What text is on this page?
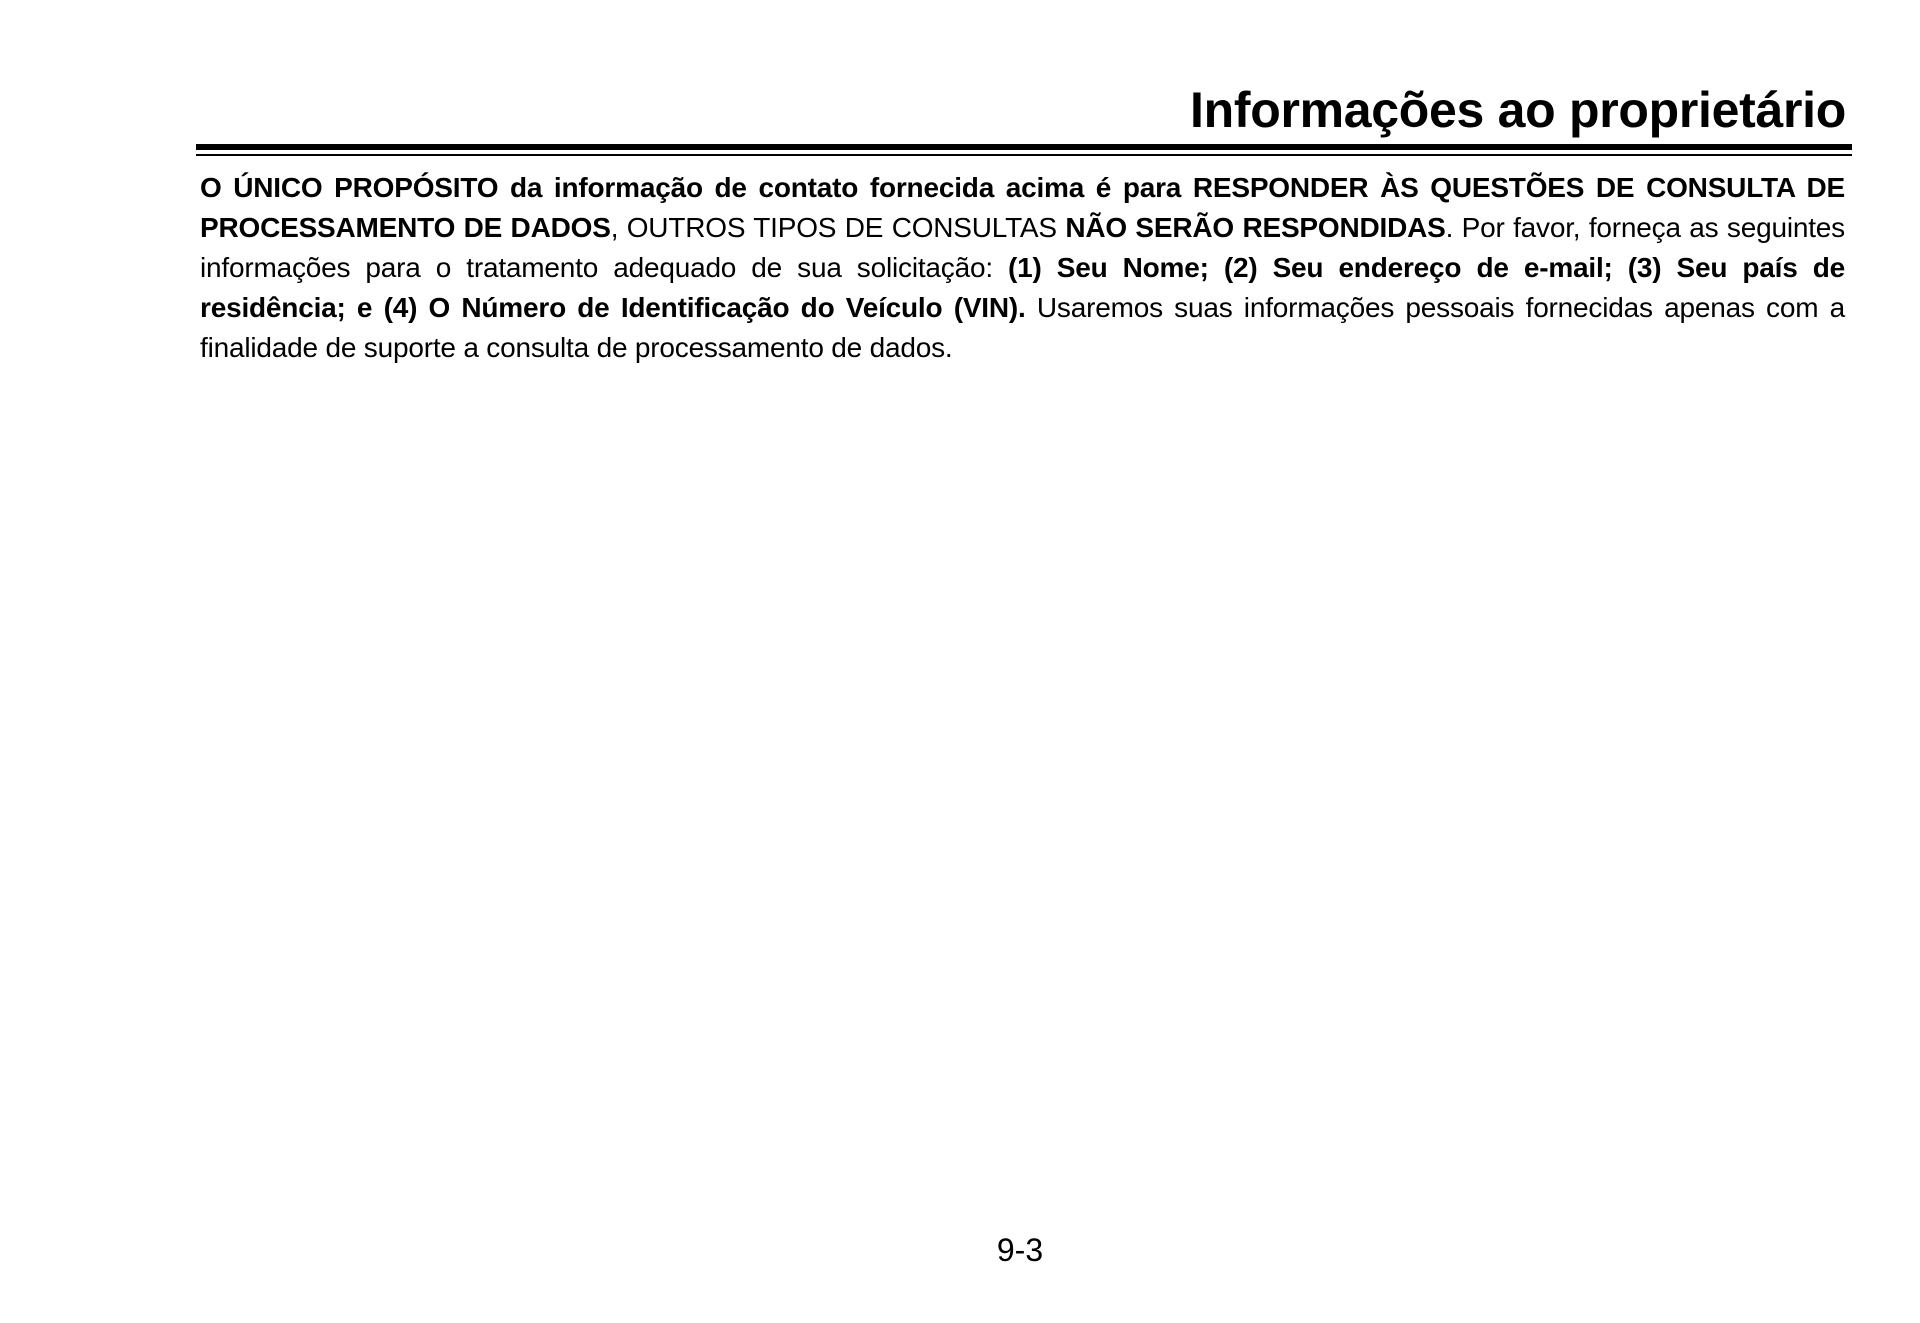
Informações ao proprietário

O ÚNICO PROPÓSITO da informação de contato fornecida acima é para RESPONDER ÀS QUESTÕES DE CONSULTA DE PROCESSAMENTO DE DADOS, OUTROS TIPOS DE CONSULTAS NÃO SERÃO RESPONDIDAS. Por favor, forneça as seguintes informações para o tratamento adequado de sua solicitação: (1) Seu Nome; (2) Seu endereço de e-mail; (3) Seu país de residência; e (4) O Número de Identificação do Veículo (VIN). Usaremos suas informações pessoais fornecidas apenas com a finalidade de suporte a consulta de processamento de dados.

9-3
